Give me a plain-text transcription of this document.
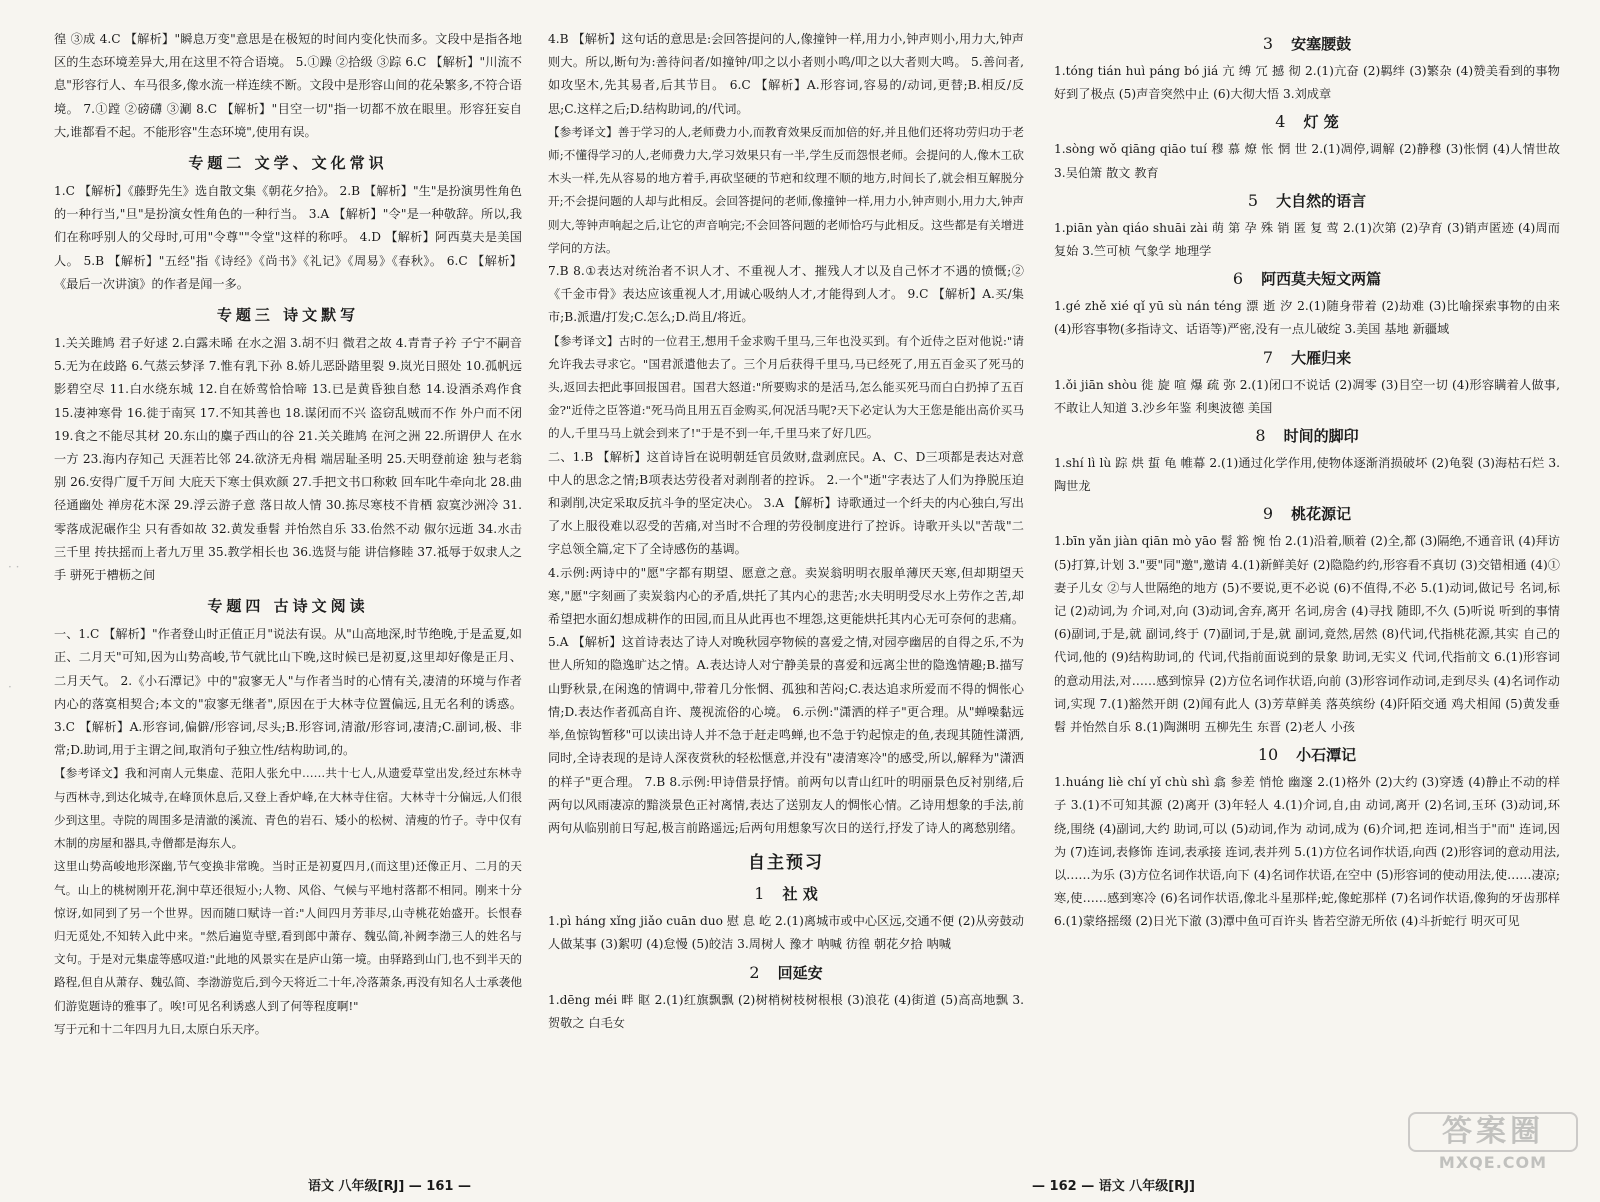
· ·
·

徨 ③成 4.C 【解析】"瞬息万变"意思是在极短的时间内变化快而多。文段中是指各地区的生态环境差异大,用在这里不符合语境。 5.①躁 ②拾级 ③踪 6.C 【解析】"川流不息"形容行人、车马很多,像水流一样连续不断。文段中是形容山间的花朵繁多,不符合语境。 7.①蹚 ②磅礴 ③涮 8.C 【解析】"目空一切"指一切都不放在眼里。形容狂妄自大,谁都看不起。不能形容"生态环境",使用有误。

专题二 文学、文化常识

1.C 【解析】《藤野先生》选自散文集《朝花夕拾》。 2.B 【解析】"生"是扮演男性角色的一种行当,"旦"是扮演女性角色的一种行当。 3.A 【解析】"令"是一种敬辞。所以,我们在称呼别人的父母时,可用"令尊""令堂"这样的称呼。 4.D 【解析】阿西莫夫是美国人。 5.B 【解析】"五经"指《诗经》《尚书》《礼记》《周易》《春秋》。 6.C 【解析】《最后一次讲演》的作者是闻一多。

专题三 诗文默写

1.关关雎鸠 君子好逑 2.白露未晞 在水之湄 3.胡不归 微君之故 4.青青子衿 子宁不嗣音 5.无为在歧路 6.气蒸云梦泽 7.惟有乳下孙 8.娇儿恶卧踏里裂 9.岚光日照处 10.孤帆远影碧空尽 11.白水绕东城 12.自在娇莺恰恰啼 13.已是黄昏独自愁 14.设酒杀鸡作食 15.凄神寒骨 16.徙于南冥 17.不知其善也 18.谋闭而不兴 盗窃乱贼而不作 外户而不闭 19.食之不能尽其材 20.东山的麋子西山的谷 21.关关雎鸠 在河之洲 22.所谓伊人 在水一方 23.海内存知己 天涯若比邻 24.欲济无舟楫 端居耻圣明 25.天明登前途 独与老翁别 26.安得广厦千万间 大庇天下寒士俱欢颜 27.手把文书口称敕 回车叱牛牵向北 28.曲径通幽处 禅房花木深 29.浮云游子意 落日故人情 30.拣尽寒枝不肯栖 寂寞沙洲冷 31.零落成泥碾作尘 只有香如故 32.黄发垂髫 并怡然自乐 33.佁然不动 俶尔远逝 34.水击三千里 抟扶摇而上者九万里 35.教学相长也 36.选贤与能 讲信修睦 37.祗辱于奴隶人之手 骈死于槽枥之间

专题四 古诗文阅读

一、1.C 【解析】"作者登山时正值正月"说法有误。从"山高地深,时节绝晚,于是孟夏,如正、二月天"可知,因为山势高峻,节气就比山下晚,这时候已是初夏,这里却好像是正月、二月天气。 2.《小石潭记》中的"寂寥无人"与作者当时的心情有关,凄清的环境与作者内心的落寞相契合;本文的"寂寥无继者",原因在于大林寺位置偏远,且无名利的诱惑。 3.C 【解析】A.形容词,偏僻/形容词,尽头;B.形容词,清澈/形容词,凄清;C.副词,极、非常;D.助词,用于主谓之间,取消句子独立性/结构助词,的。

【参考译文】我和河南人元集虚、范阳人张允中……共十七人,从遗爱草堂出发,经过东林寺与西林寺,到达化城寺,在峰顶休息后,又登上香炉峰,在大林寺住宿。大林寺十分偏远,人们很少到这里。寺院的周围多是清澈的溪流、青色的岩石、矮小的松树、清瘦的竹子。寺中仅有木制的房屋和器具,寺僧都是海东人。

这里山势高峻地形深幽,节气变换非常晚。当时正是初夏四月,(而这里)还像正月、二月的天气。山上的桃树刚开花,涧中草还很短小;人物、风俗、气候与平地村落都不相同。刚来十分惊讶,如同到了另一个世界。因而随口赋诗一首:"人间四月芳菲尽,山寺桃花始盛开。长恨春归无觅处,不知转入此中来。"然后遍览寺壁,看到郎中萧存、魏弘简,补阙李渤三人的姓名与文句。于是对元集虚等感叹道:"此地的风景实在是庐山第一境。由驿路到山门,也不到半天的路程,但自从萧存、魏弘简、李渤游览后,到今天将近二十年,冷落萧条,再没有知名人士承袭他们游览题诗的雅事了。唉!可见名利诱惑人到了何等程度啊!"

写于元和十二年四月九日,太原白乐天序。

4.B 【解析】这句话的意思是:会回答提问的人,像撞钟一样,用力小,钟声则小,用力大,钟声则大。所以,断句为:善待问者/如撞钟/叩之以小者则小鸣/叩之以大者则大鸣。 5.善问者,如攻坚木,先其易者,后其节目。 6.C 【解析】A.形容词,容易的/动词,更替;B.相反/反思;C.这样之后;D.结构助词,的/代词。

【参考译文】善于学习的人,老师费力小,而教育效果反而加倍的好,并且他们还将功劳归功于老师;不懂得学习的人,老师费力大,学习效果只有一半,学生反而怨恨老师。会提问的人,像木工砍木头一样,先从容易的地方着手,再砍坚硬的节疤和纹理不顺的地方,时间长了,就会相互解脱分开;不会提问题的人却与此相反。会回答提问的老师,像撞钟一样,用力小,钟声则小,用力大,钟声则大,等钟声响起之后,让它的声音响完;不会回答问题的老师恰巧与此相反。这些都是有关增进学问的方法。

7.B 8.①表达对统治者不识人才、不重视人才、摧残人才以及自己怀才不遇的愤慨;②《千金市骨》表达应该重视人才,用诚心吸纳人才,才能得到人才。 9.C 【解析】A.买/集市;B.派遣/打发;C.怎么;D.尚且/将近。

【参考译文】古时的一位君王,想用千金求购千里马,三年也没买到。有个近侍之臣对他说:"请允许我去寻求它。"国君派遣他去了。三个月后获得千里马,马已经死了,用五百金买了死马的头,返回去把此事回报国君。国君大怒道:"所要购求的是活马,怎么能买死马而白白扔掉了五百金?"近侍之臣答道:"死马尚且用五百金购买,何况活马呢?天下必定认为大王您是能出高价买马的人,千里马马上就会到来了!"于是不到一年,千里马来了好几匹。

二、1.B 【解析】这首诗旨在说明朝廷官员敛财,盘剥庶民。A、C、D三项都是表达对意中人的思念之情;B项表达劳役者对剥削者的控诉。 2.一个"逝"字表达了人们为挣脱压迫和剥削,决定采取反抗斗争的坚定决心。 3.A 【解析】诗歌通过一个纤夫的内心独白,写出了水上服役难以忍受的苦痛,对当时不合理的劳役制度进行了控诉。诗歌开头以"苦哉"二字总领全篇,定下了全诗感伤的基调。

4.示例:两诗中的"愿"字都有期望、愿意之意。卖炭翁明明衣服单薄厌天寒,但却期望天寒,"愿"字刻画了卖炭翁内心的矛盾,烘托了其内心的悲苦;水夫明明受尽水上劳作之苦,却希望把水面幻想成耕作的田园,而且从此再也不埋怨,这更能烘托其内心无可奈何的悲痛。 5.A 【解析】这首诗表达了诗人对晚秋园亭物候的喜爱之情,对园亭幽居的自得之乐,不为世人所知的隐逸旷达之情。A.表达诗人对宁静美景的喜爱和远离尘世的隐逸情趣;B.描写山野秋景,在闲逸的情调中,带着几分怅惘、孤独和苦闷;C.表达追求所爱而不得的惆怅心情;D.表达作者孤高自许、蔑视流俗的心境。 6.示例:"潇洒的样子"更合理。从"蝉噪黏远举,鱼惊钩暂移"可以读出诗人并不急于赶走鸣蝉,也不急于钓起惊走的鱼,表现其随性潇洒,同时,全诗表现的是诗人深夜赏秋的轻松惬意,并没有"凄清寒冷"的感受,所以,解释为"潇洒的样子"更合理。 7.B 8.示例:甲诗借景抒情。前两句以青山红叶的明丽景色反衬别绪,后两句以风雨凄凉的黯淡景色正衬离情,表达了送别友人的惆怅心情。乙诗用想象的手法,前两句从临别前日写起,极言前路遥远;后两句用想象写次日的送行,抒发了诗人的离愁别绪。

自主预习
1 社 戏

1.pì háng xǐng jiǎo cuān duo 慰 息 屹 2.(1)离城市或中心区远,交通不便 (2)从旁鼓动人做某事 (3)絮叨 (4)怠慢 (5)皎洁 3.周树人 豫才 呐喊 彷徨 朝花夕拾 呐喊

2 回延安

1.dēng méi 畔 眍 2.(1)红旗飘飘 (2)树梢树枝树根根 (3)浪花 (4)街道 (5)高高地飘 3.贺敬之 白毛女

3 安塞腰鼓

1.tóng tián huì páng bó jiá 亢 缚 冗 撼 彻 2.(1)亢奋 (2)羁绊 (3)繁杂 (4)赞美看到的事物好到了极点 (5)声音突然中止 (6)大彻大悟 3.刘成章

4 灯 笼

1.sòng wǒ qiāng qiāo tuí 穆 慕 燎 怅 惘 世 2.(1)凋停,调解 (2)静穆 (3)怅惘 (4)人情世故 3.吴伯箫 散文 教育

5 大自然的语言

1.piān yàn qiáo shuāi zài 萌 第 孕 殊 销 匿 复 莺 2.(1)次第 (2)孕育 (3)销声匿迹 (4)周而复始 3.竺可桢 气象学 地理学

6 阿西莫夫短文两篇

1.gé zhě xié qǐ yū sù nán téng 漂 逝 汐 2.(1)随身带着 (2)劫难 (3)比喻探索事物的由来 (4)形容事物(多指诗文、话语等)严密,没有一点儿破绽 3.美国 基地 新疆域

7 大雁归来

1.ǒi jiān shòu 徙 旋 喧 爆 疏 弥 2.(1)闭口不说话 (2)凋零 (3)目空一切 (4)形容瞒着人做事,不敢让人知道 3.沙乡年鉴 利奥波德 美国

8 时间的脚印

1.shí lì lù 踪 烘 蜇 龟 帷幕 2.(1)通过化学作用,使物体逐渐消损破坏 (2)龟裂 (3)海枯石烂 3.陶世龙

9 桃花源记

1.bīn yǎn jiàn qiān mò yāo 髫 豁 惋 怡 2.(1)沿着,顺着 (2)全,都 (3)隔绝,不通音讯 (4)拜访 (5)打算,计划 3."要"同"邀",邀请 4.(1)新鲜美好 (2)隐隐约约,形容看不真切 (3)交错相通 (4)①妻子儿女 ②与人世隔绝的地方 (5)不要说,更不必说 (6)不值得,不必 5.(1)动词,做记号 名词,标记 (2)动词,为 介词,对,向 (3)动词,舍弃,离开 名词,房舍 (4)寻找 随即,不久 (5)听说 听到的事情 (6)副词,于是,就 副词,终于 (7)副词,于是,就 副词,竟然,居然 (8)代词,代指桃花源,其实 自己的 代词,他的 (9)结构助词,的 代词,代指前面说到的景象 助词,无实义 代词,代指前文 6.(1)形容词的意动用法,对……感到惊异 (2)方位名词作状语,向前 (3)形容词作动词,走到尽头 (4)名词作动词,实现 7.(1)豁然开朗 (2)闻有此人 (3)芳草鲜美 落英缤纷 (4)阡陌交通 鸡犬相闻 (5)黄发垂髫 并怡然自乐 8.(1)陶渊明 五柳先生 东晋 (2)老人 小孩

10 小石潭记

1.huáng liè chí yǐ chù shì 翕 参差 悄怆 幽邃 2.(1)格外 (2)大约 (3)穿透 (4)静止不动的样子 3.(1)不可知其源 (2)离开 (3)年轻人 4.(1)介词,自,由 动词,离开 (2)名词,玉环 (3)动词,环绕,围绕 (4)副词,大约 助词,可以 (5)动词,作为 动词,成为 (6)介词,把 连词,相当于"而" 连词,因为 (7)连词,表修饰 连词,表承接 连词,表并列 5.(1)方位名词作状语,向西 (2)形容词的意动用法,以……为乐 (3)方位名词作状语,向下 (4)名词作状语,在空中 (5)形容词的使动用法,使……凄凉;寒,使……感到寒冷 (6)名词作状语,像北斗星那样;蛇,像蛇那样 (7)名词作状语,像狗的牙齿那样 6.(1)蒙络摇缀 (2)日光下澈 (3)潭中鱼可百许头 皆若空游无所依 (4)斗折蛇行 明灭可见

语文 八年级[RJ] — 161 —	— 162 — 语文 八年级[RJ]
答案圈
MXQE.COM
